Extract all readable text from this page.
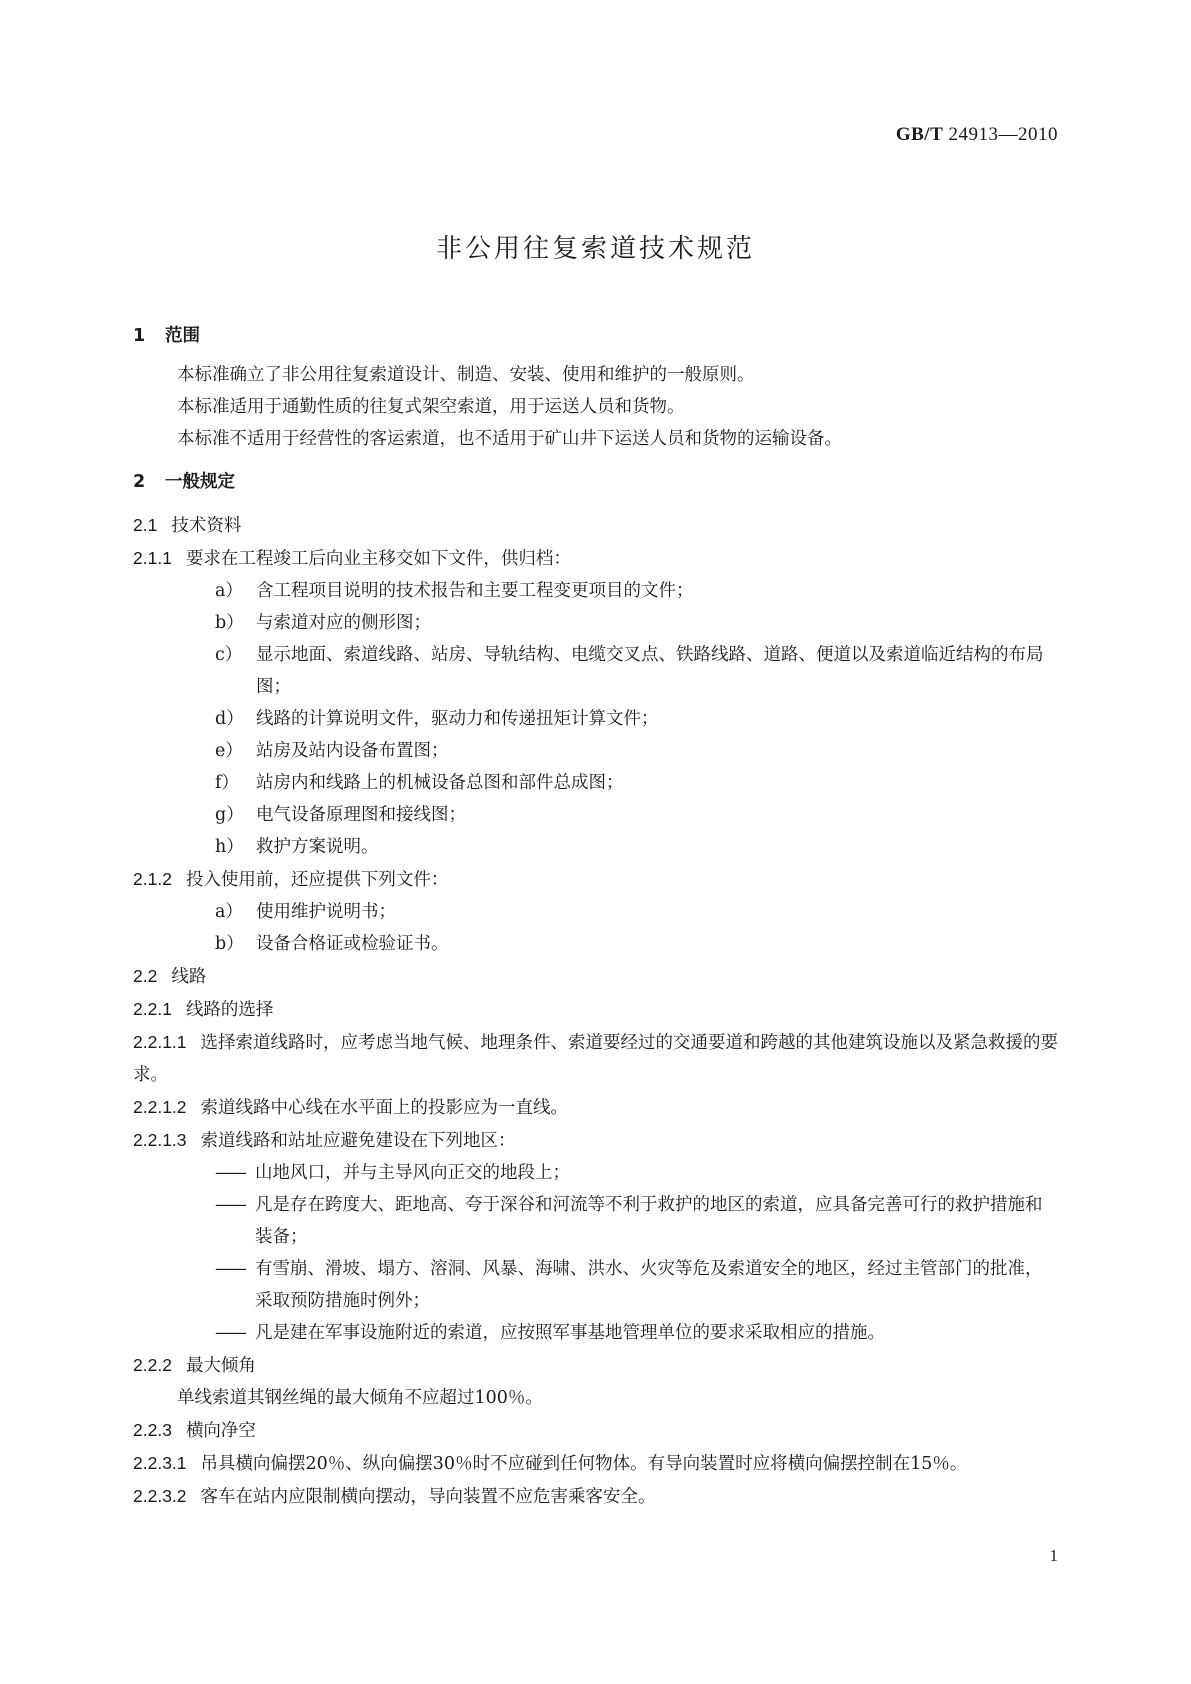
GB/T 24913—2010
非公用往复索道技术规范
1 范围
本标准确立了非公用往复索道设计、制造、安装、使用和维护的一般原则。
本标准适用于通勤性质的往复式架空索道，用于运送人员和货物。
本标准不适用于经营性的客运索道，也不适用于矿山井下运送人员和货物的运输设备。
2 一般规定
2.1 技术资料
2.1.1 要求在工程竣工后向业主移交如下文件，供归档：
a） 含工程项目说明的技术报告和主要工程变更项目的文件；
b） 与索道对应的侧形图；
c） 显示地面、索道线路、站房、导轨结构、电缆交叉点、铁路线路、道路、便道以及索道临近结构的布局图；
d） 线路的计算说明文件，驱动力和传递扭矩计算文件；
e） 站房及站内设备布置图；
f） 站房内和线路上的机械设备总图和部件总成图；
g） 电气设备原理图和接线图；
h） 救护方案说明。
2.1.2 投入使用前，还应提供下列文件：
a） 使用维护说明书；
b） 设备合格证或检验证书。
2.2 线路
2.2.1 线路的选择
2.2.1.1 选择索道线路时，应考虑当地气候、地理条件、索道要经过的交通要道和跨越的其他建筑设施以及紧急救援的要求。
2.2.1.2 索道线路中心线在水平面上的投影应为一直线。
2.2.1.3 索道线路和站址应避免建设在下列地区：
—— 山地风口，并与主导风向正交的地段上；
—— 凡是存在跨度大、距地高、夸于深谷和河流等不利于救护的地区的索道，应具备完善可行的救护措施和装备；
—— 有雪崩、滑坡、塌方、溶洞、风暴、海啸、洪水、火灾等危及索道安全的地区，经过主管部门的批准，采取预防措施时例外；
—— 凡是建在军事设施附近的索道，应按照军事基地管理单位的要求采取相应的措施。
2.2.2 最大倾角
单线索道其钢丝绳的最大倾角不应超过100％。
2.2.3 横向净空
2.2.3.1 吊具横向偏摆20％、纵向偏摆30％时不应碰到任何物体。有导向装置时应将横向偏摆控制在15％。
2.2.3.2 客车在站内应限制横向摆动，导向装置不应危害乘客安全。
1
